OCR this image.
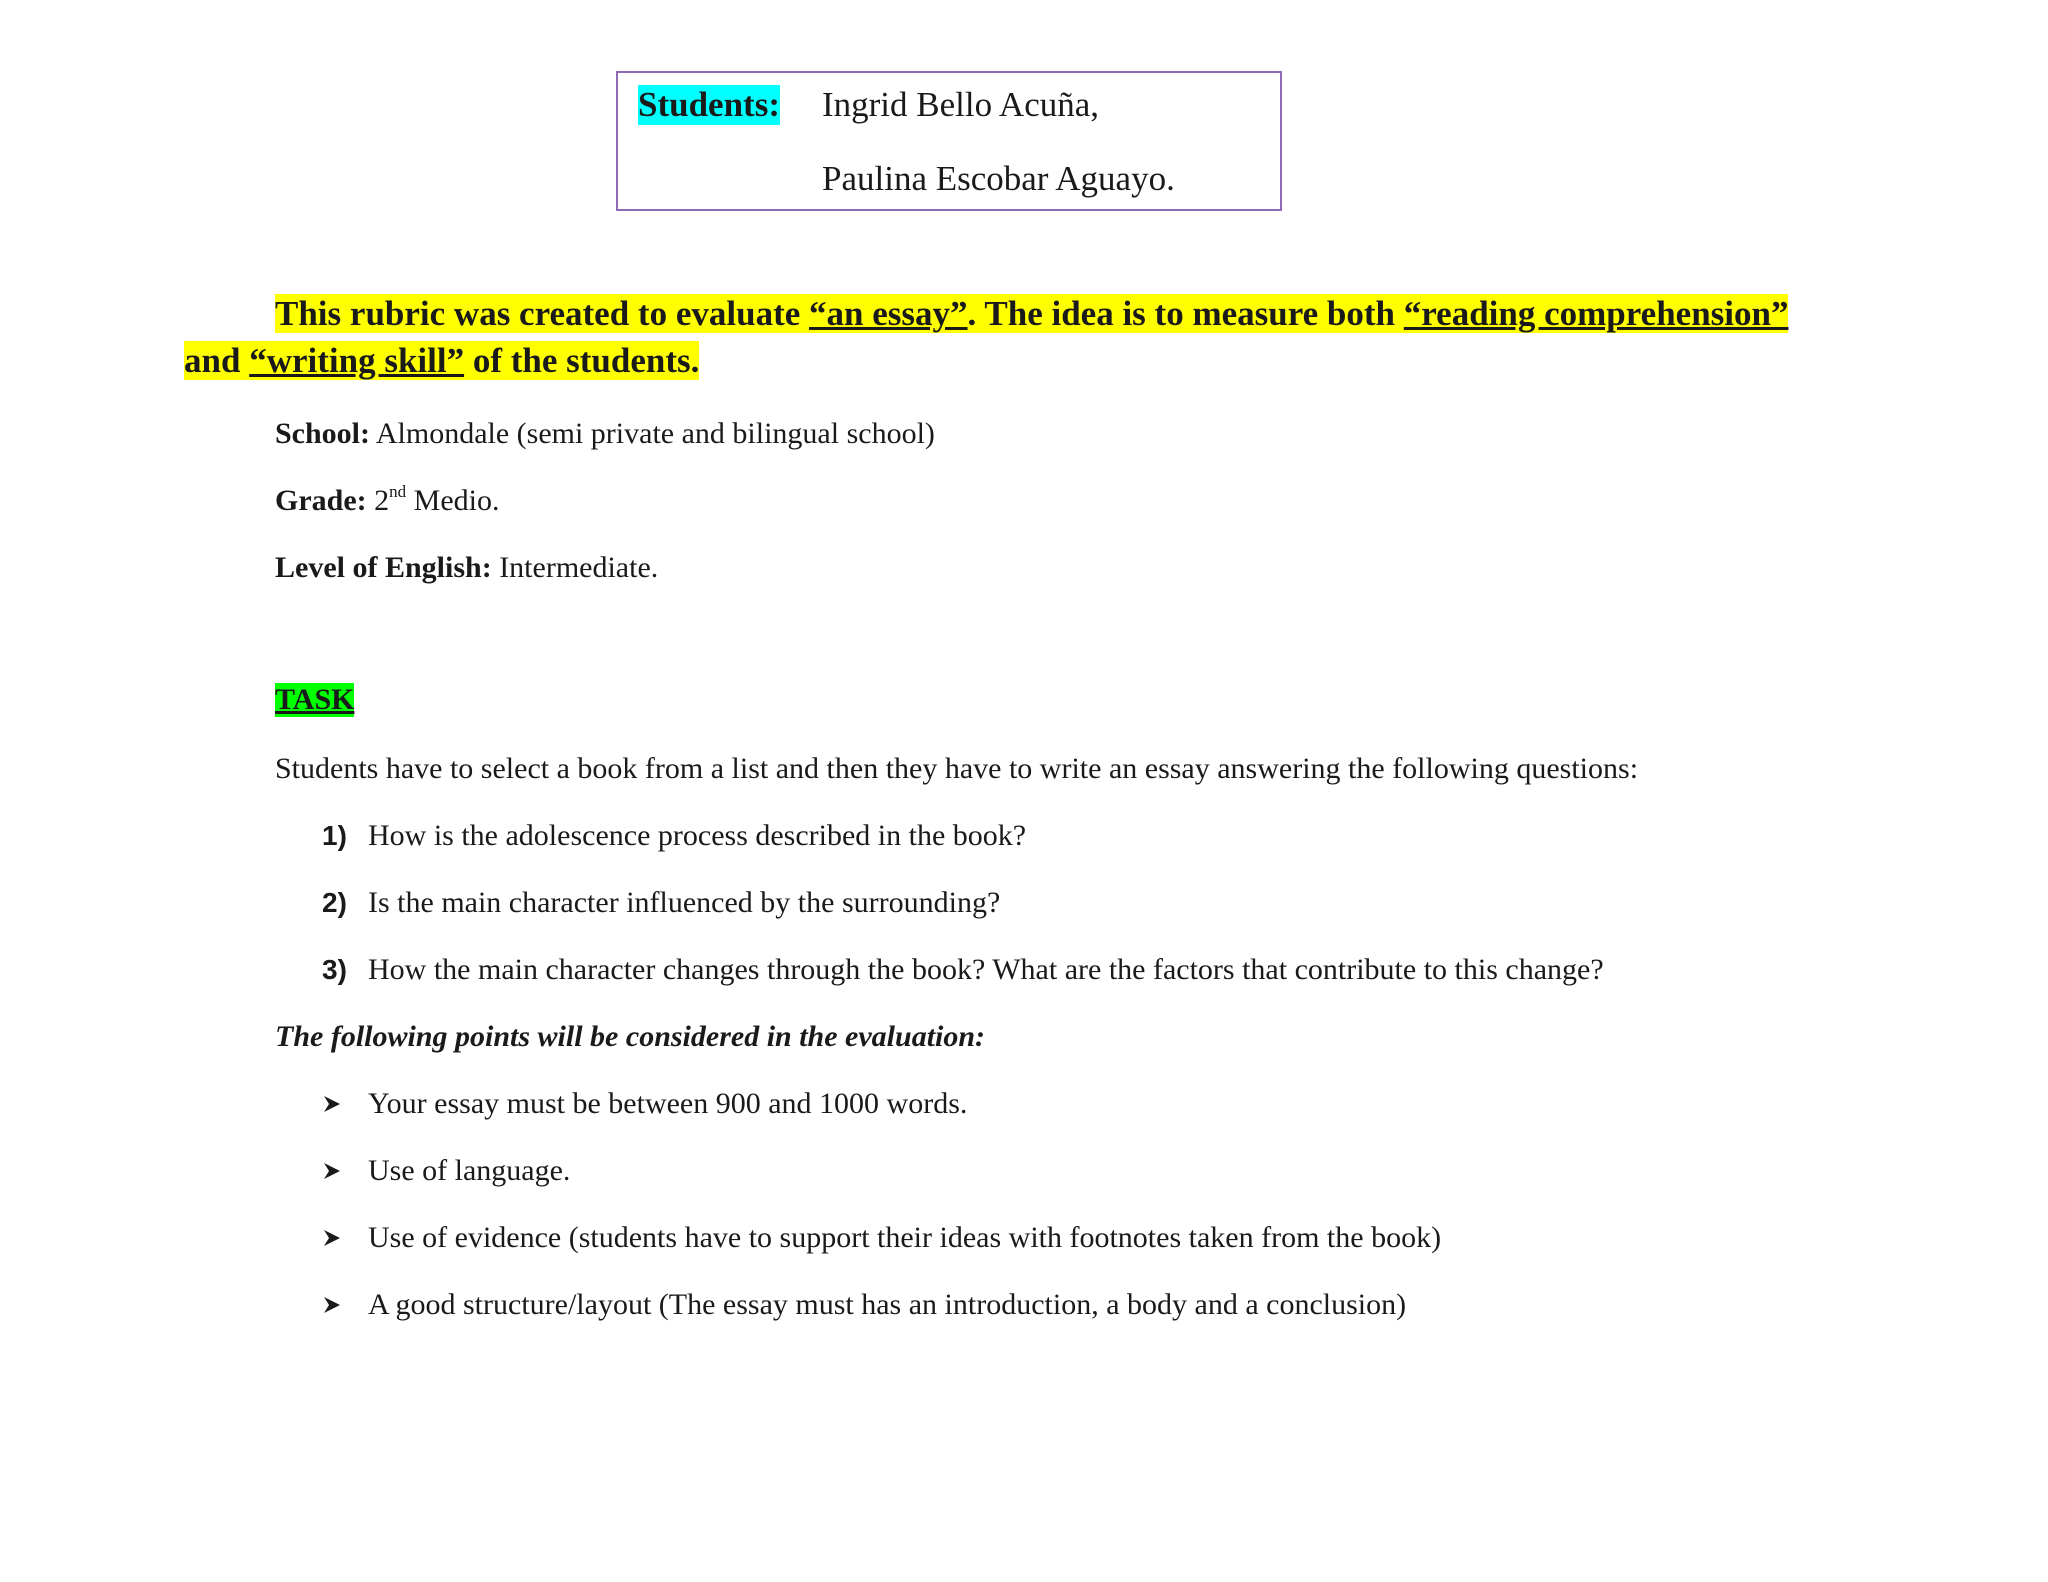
Students: Ingrid Bello Acuña,
Paulina Escobar Aguayo.
This rubric was created to evaluate “an essay”. The idea is to measure both “reading comprehension”
and “writing skill” of the students.
School: Almondale (semi private and bilingual school)
Grade: 2nd Medio.
Level of English: Intermediate.
TASK
Students have to select a book from a list and then they have to write an essay answering the following questions:
1) How is the adolescence process described in the book?
2) Is the main character influenced by the surrounding?
3) How the main character changes through the book? What are the factors that contribute to this change?
The following points will be considered in the evaluation:
Your essay must be between 900 and 1000 words.
Use of language.
Use of evidence (students have to support their ideas with footnotes taken from the book)
A good structure/layout (The essay must has an introduction, a body and a conclusion)
